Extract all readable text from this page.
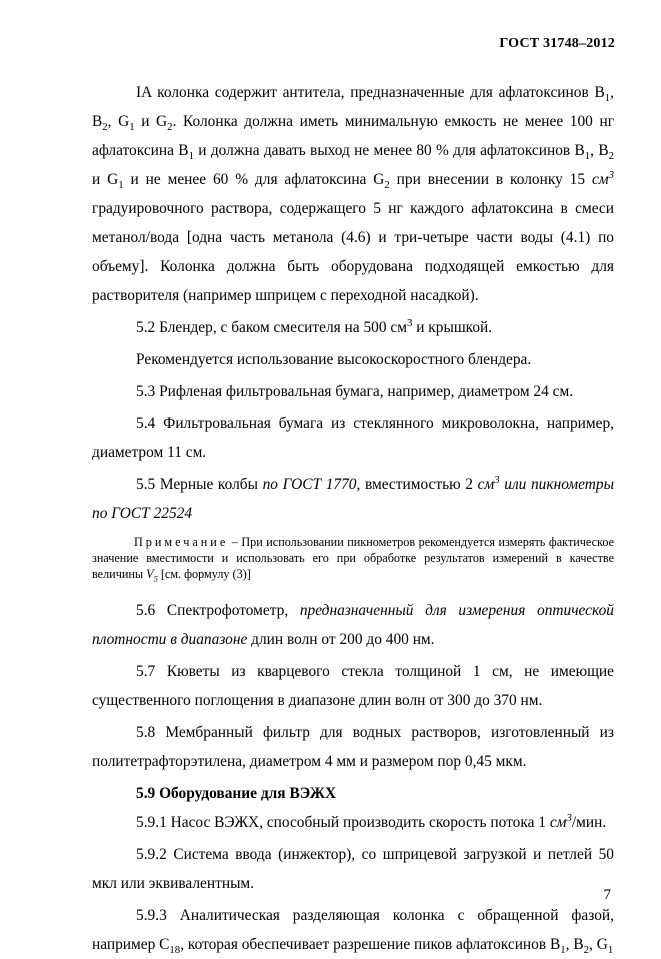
ГОСТ 31748–2012

IA колонка содержит антитела, предназначенные для афлатоксинов $B_1$, $B_2$, $G_1$ и $G_2$. Колонка должна иметь минимальную емкость не менее 100 нг афлатоксина $B_1$ и должна давать выход не менее 80 % для афлатоксинов $B_1$, $B_2$ и $G_1$ и не менее 60 % для афлатоксина $G_2$ при внесении в колонку 15 $см^3$ градуировочного раствора, содержащего 5 нг каждого афлатоксина в смеси метанол/вода [одна часть метанола (4.6) и три-четыре части воды (4.1) по объему]. Колонка должна быть оборудована подходящей емкостью для растворителя (например шприцем с переходной насадкой).

5.2 Блендер, с баком смесителя на 500 $см^3$ и крышкой.

Рекомендуется использование высокоскоростного блендера.

5.3 Рифленая фильтровальная бумага, например, диаметром 24 см.

5.4 Фильтровальная бумага из стеклянного микроволокна, например, диаметром 11 см.

5.5 Мерные колбы по ГОСТ 1770, вместимостью 2 $см^3$ или пикнометры по ГОСТ 22524

Примечание – При использовании пикнометров рекомендуется измерять фактическое значение вместимости и использовать его при обработке результатов измерений в качестве величины $V_5$ [см. формулу (3)]

5.6 Спектрофотометр, предназначенный для измерения оптической плотности в диапазоне длин волн от 200 до 400 нм.

5.7 Кюветы из кварцевого стекла толщиной 1 см, не имеющие существенного поглощения в диапазоне длин волн от 300 до 370 нм.

5.8 Мембранный фильтр для водных растворов, изготовленный из политетрафторэтилена, диаметром 4 мм и размером пор 0,45 мкм.

5.9 Оборудование для ВЭЖХ

5.9.1 Насос ВЭЖХ, способный производить скорость потока 1 $см^3$/мин.

5.9.2 Система ввода (инжектор), со шприцевой загрузкой и петлей 50 мкл или эквивалентным.

5.9.3 Аналитическая разделяющая колонка с обращенной фазой, например $C_{18}$, которая обеспечивает разрешение пиков афлатоксинов $B_1$, $B_2$, $G_1$

7
